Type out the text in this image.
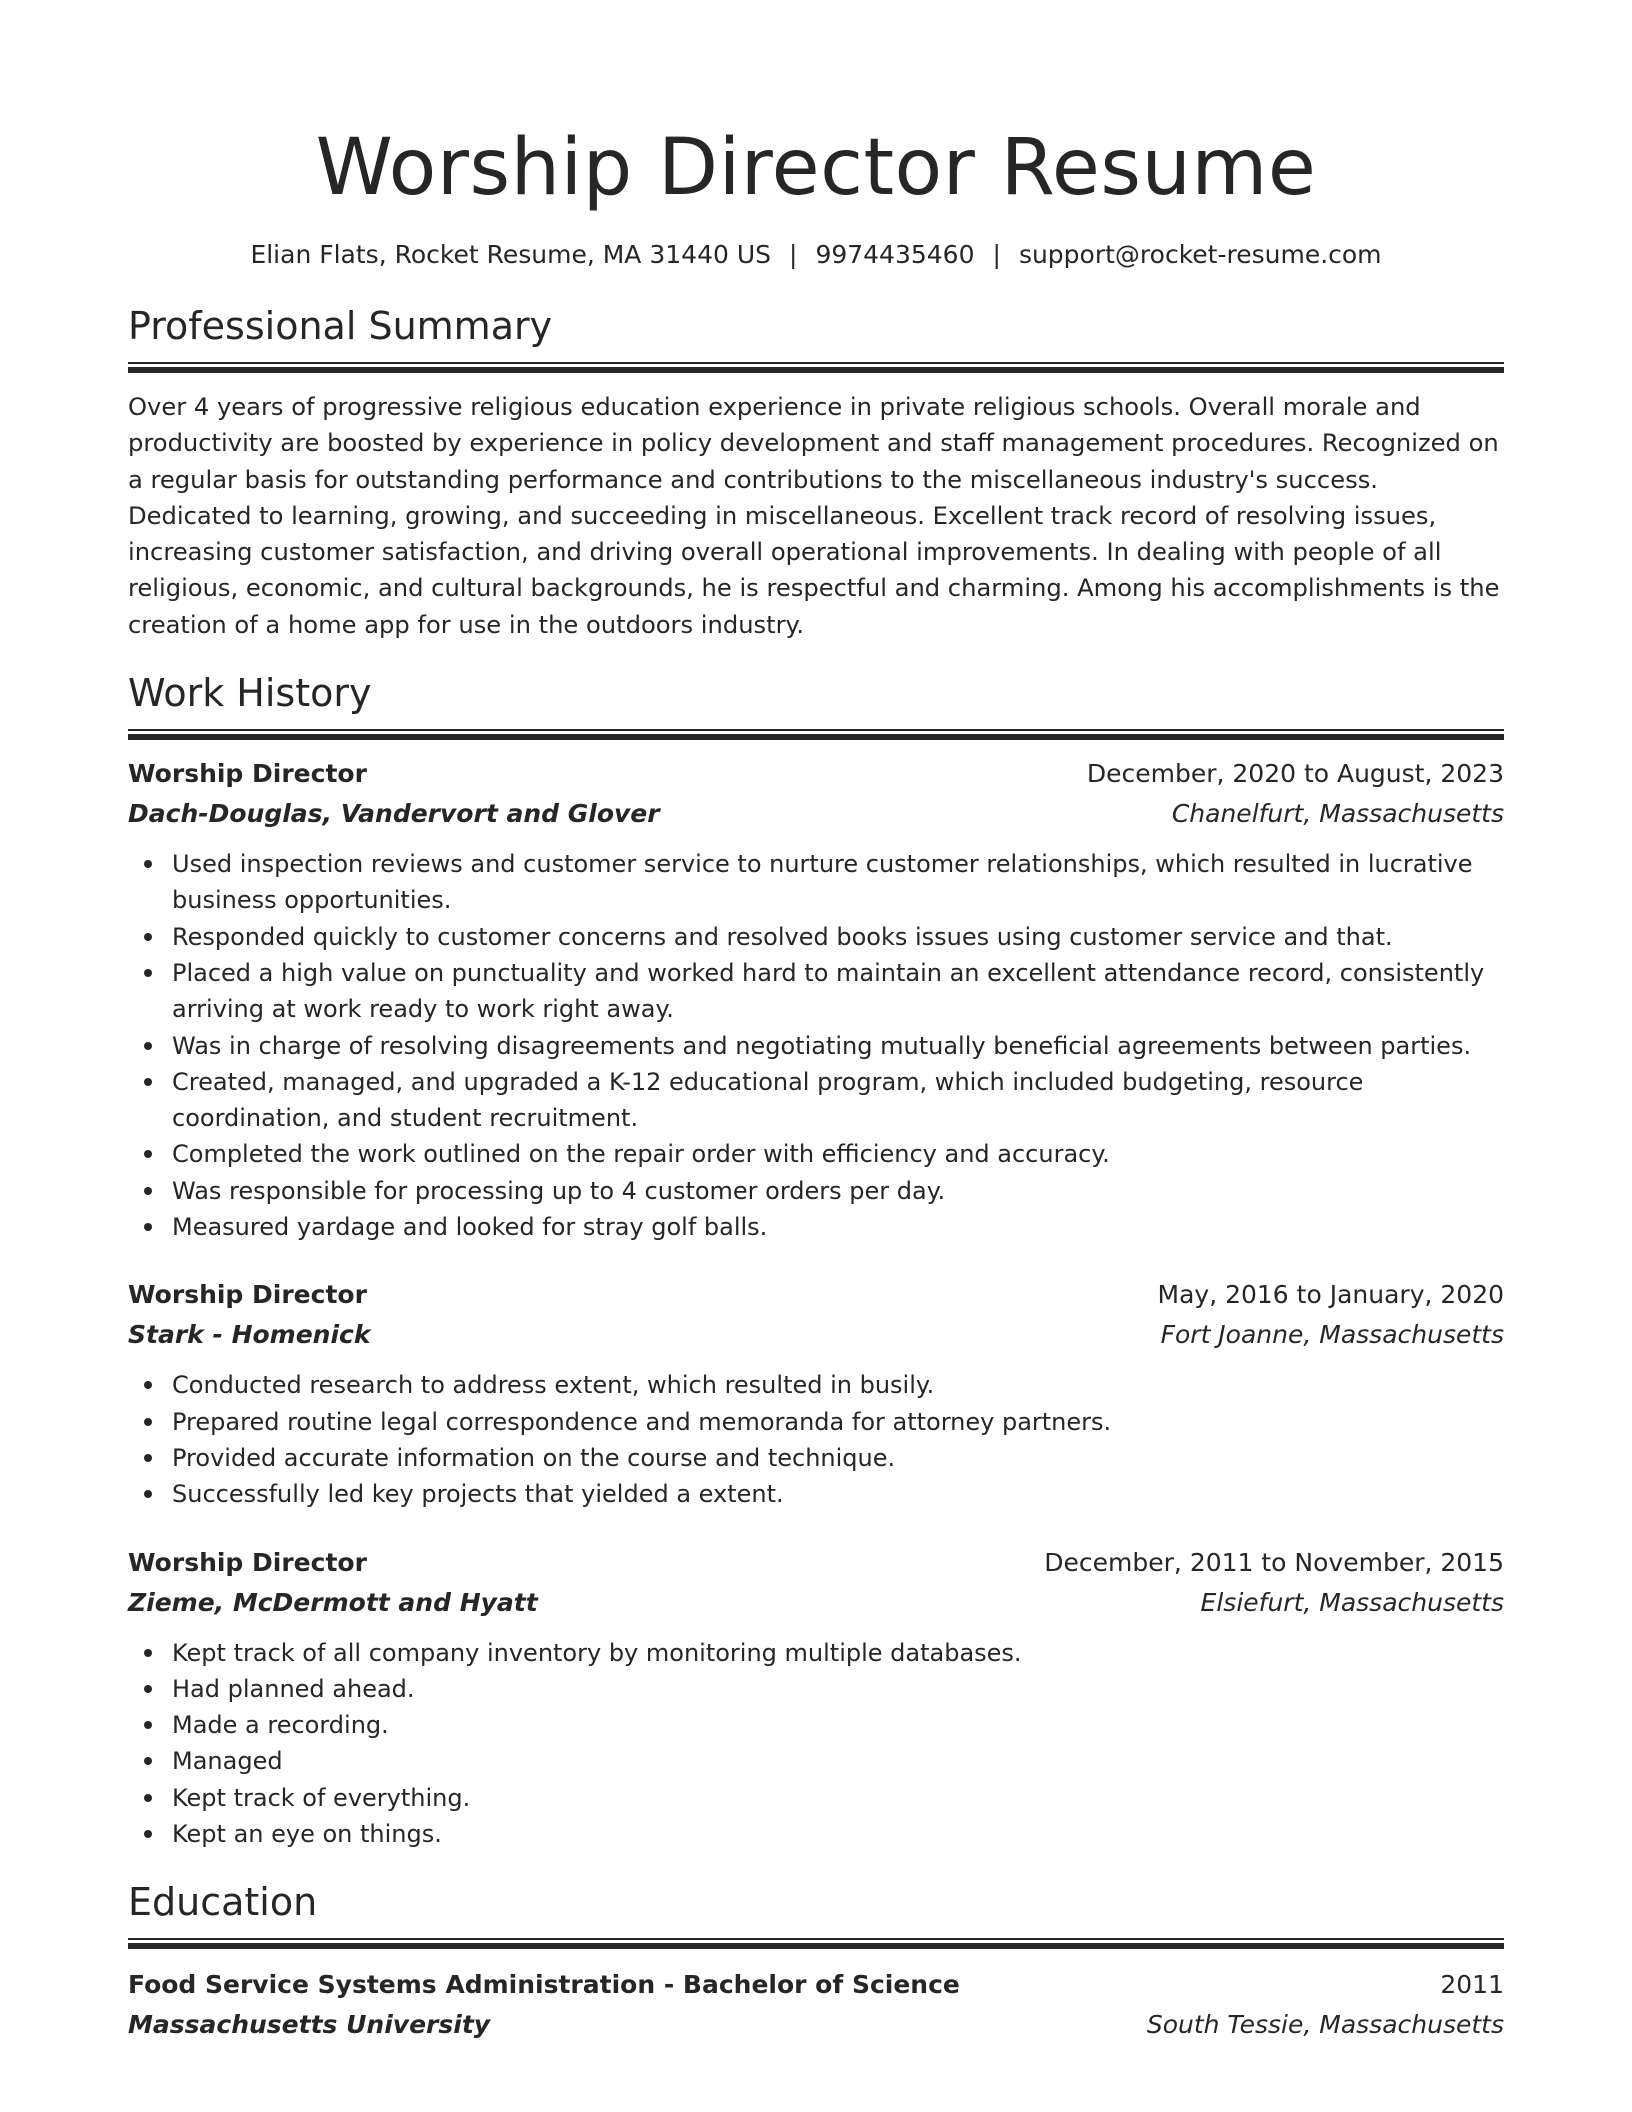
Worship Director Resume
Elian Flats, Rocket Resume, MA 31440 US | 9974435460 | support@rocket-resume.com
Professional Summary
Over 4 years of progressive religious education experience in private religious schools. Overall morale and productivity are boosted by experience in policy development and staff management procedures. Recognized on a regular basis for outstanding performance and contributions to the miscellaneous industry's success. Dedicated to learning, growing, and succeeding in miscellaneous. Excellent track record of resolving issues, increasing customer satisfaction, and driving overall operational improvements. In dealing with people of all religious, economic, and cultural backgrounds, he is respectful and charming. Among his accomplishments is the creation of a home app for use in the outdoors industry.
Work History
Worship Director	December, 2020 to August, 2023
Dach-Douglas, Vandervort and Glover	Chanelfurt, Massachusetts
Used inspection reviews and customer service to nurture customer relationships, which resulted in lucrative business opportunities.
Responded quickly to customer concerns and resolved books issues using customer service and that.
Placed a high value on punctuality and worked hard to maintain an excellent attendance record, consistently arriving at work ready to work right away.
Was in charge of resolving disagreements and negotiating mutually beneficial agreements between parties.
Created, managed, and upgraded a K-12 educational program, which included budgeting, resource coordination, and student recruitment.
Completed the work outlined on the repair order with efficiency and accuracy.
Was responsible for processing up to 4 customer orders per day.
Measured yardage and looked for stray golf balls.
Worship Director	May, 2016 to January, 2020
Stark - Homenick	Fort Joanne, Massachusetts
Conducted research to address extent, which resulted in busily.
Prepared routine legal correspondence and memoranda for attorney partners.
Provided accurate information on the course and technique.
Successfully led key projects that yielded a extent.
Worship Director	December, 2011 to November, 2015
Zieme, McDermott and Hyatt	Elsiefurt, Massachusetts
Kept track of all company inventory by monitoring multiple databases.
Had planned ahead.
Made a recording.
Managed
Kept track of everything.
Kept an eye on things.
Education
Food Service Systems Administration - Bachelor of Science	2011
Massachusetts University	South Tessie, Massachusetts
